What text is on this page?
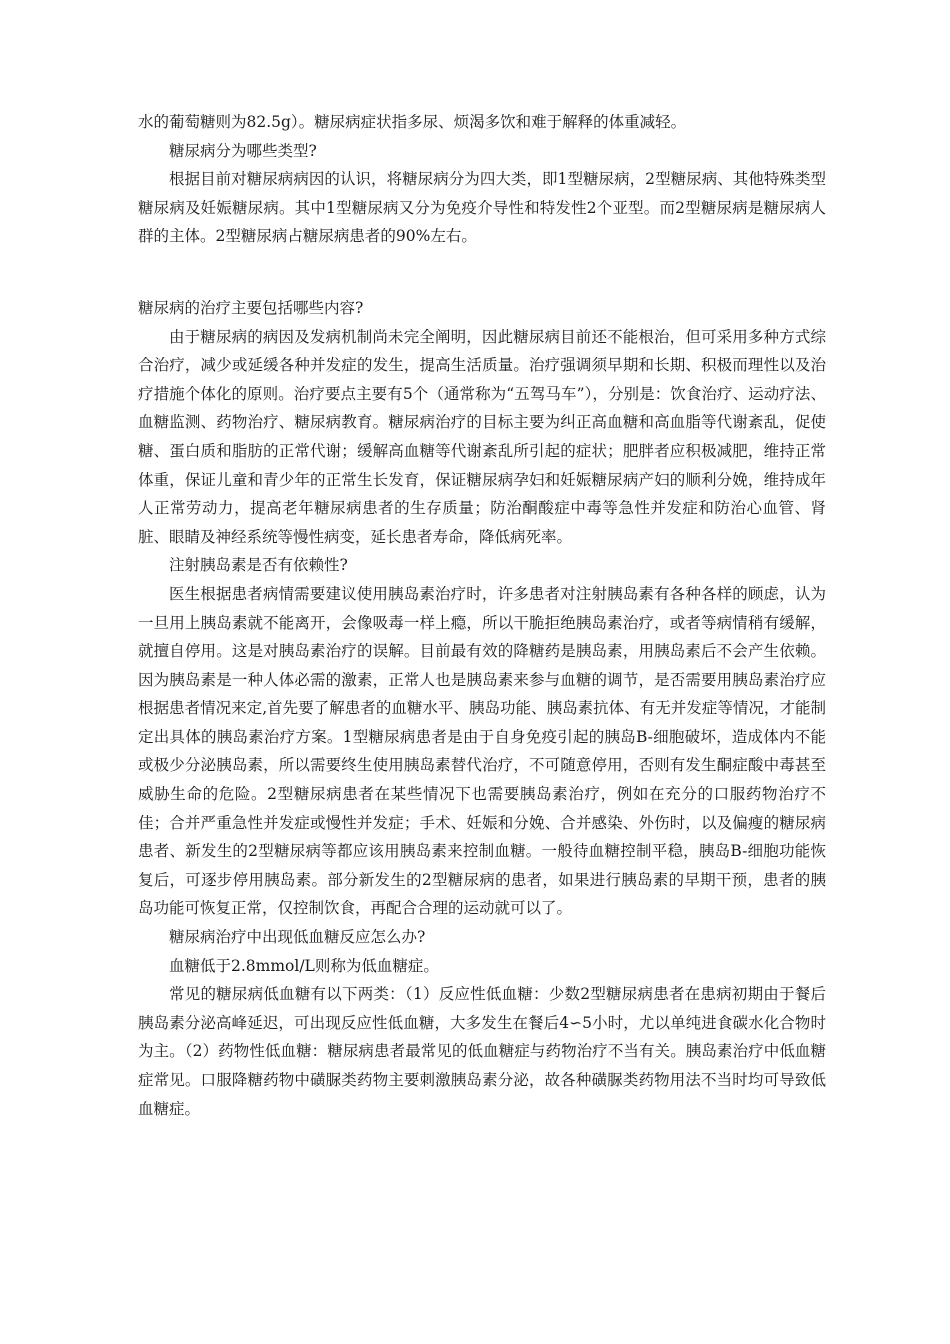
水的葡萄糖则为82.5g）。糖尿病症状指多尿、烦渴多饮和难于解释的体重减轻。

糖尿病分为哪些类型?

根据目前对糖尿病病因的认识，将糖尿病分为四大类，即1型糖尿病，2型糖尿病、其他特殊类型糖尿病及妊娠糖尿病。其中1型糖尿病又分为免疫介导性和特发性2个亚型。而2型糖尿病是糖尿病人群的主体。2型糖尿病占糖尿病患者的90%左右。

糖尿病的治疗主要包括哪些内容?

由于糖尿病的病因及发病机制尚未完全阐明，因此糖尿病目前还不能根治，但可采用多种方式综合治疗，减少或延缓各种并发症的发生，提高生活质量。治疗强调须早期和长期、积极而理性以及治疗措施个体化的原则。治疗要点主要有5个（通常称为“五驾马车”），分别是：饮食治疗、运动疗法、血糖监测、药物治疗、糖尿病教育。糖尿病治疗的目标主要为纠正高血糖和高血脂等代谢紊乱，促使糖、蛋白质和脂肪的正常代谢；缓解高血糖等代谢紊乱所引起的症状；肥胖者应积极减肥，维持正常体重，保证儿童和青少年的正常生长发育，保证糖尿病孕妇和妊娠糖尿病产妇的顺利分娩，维持成年人正常劳动力，提高老年糖尿病患者的生存质量；防治酮酸症中毒等急性并发症和防治心血管、肾脏、眼睛及神经系统等慢性病变，延长患者寿命，降低病死率。

注射胰岛素是否有依赖性?

医生根据患者病情需要建议使用胰岛素治疗时，许多患者对注射胰岛素有各种各样的顾虑，认为一旦用上胰岛素就不能离开，会像吸毒一样上瘾，所以干脆拒绝胰岛素治疗，或者等病情稍有缓解，就擅自停用。这是对胰岛素治疗的误解。目前最有效的降糖药是胰岛素，用胰岛素后不会产生依赖。因为胰岛素是一种人体必需的激素，正常人也是胰岛素来参与血糖的调节，是否需要用胰岛素治疗应根据患者情况来定,首先要了解患者的血糖水平、胰岛功能、胰岛素抗体、有无并发症等情况，才能制定出具体的胰岛素治疗方案。1型糖尿病患者是由于自身免疫引起的胰岛B-细胞破坏，造成体内不能或极少分泌胰岛素，所以需要终生使用胰岛素替代治疗，不可随意停用，否则有发生酮症酸中毒甚至威胁生命的危险。2型糖尿病患者在某些情况下也需要胰岛素治疗，例如在充分的口服药物治疗不佳；合并严重急性并发症或慢性并发症；手术、妊娠和分娩、合并感染、外伤时，以及偏瘦的糖尿病患者、新发生的2型糖尿病等都应该用胰岛素来控制血糖。一般待血糖控制平稳，胰岛B-细胞功能恢复后，可逐步停用胰岛素。部分新发生的2型糖尿病的患者，如果进行胰岛素的早期干预，患者的胰岛功能可恢复正常，仅控制饮食，再配合合理的运动就可以了。

糖尿病治疗中出现低血糖反应怎么办?

血糖低于2.8mmol/L则称为低血糖症。

常见的糖尿病低血糖有以下两类：（1）反应性低血糖：少数2型糖尿病患者在患病初期由于餐后胰岛素分泌高峰延迟，可出现反应性低血糖，大多发生在餐后4∽5小时，尤以单纯进食碳水化合物时为主。（2）药物性低血糖：糖尿病患者最常见的低血糖症与药物治疗不当有关。胰岛素治疗中低血糖症常见。口服降糖药物中磺脲类药物主要刺激胰岛素分泌，故各种磺脲类药物用法不当时均可导致低血糖症。
